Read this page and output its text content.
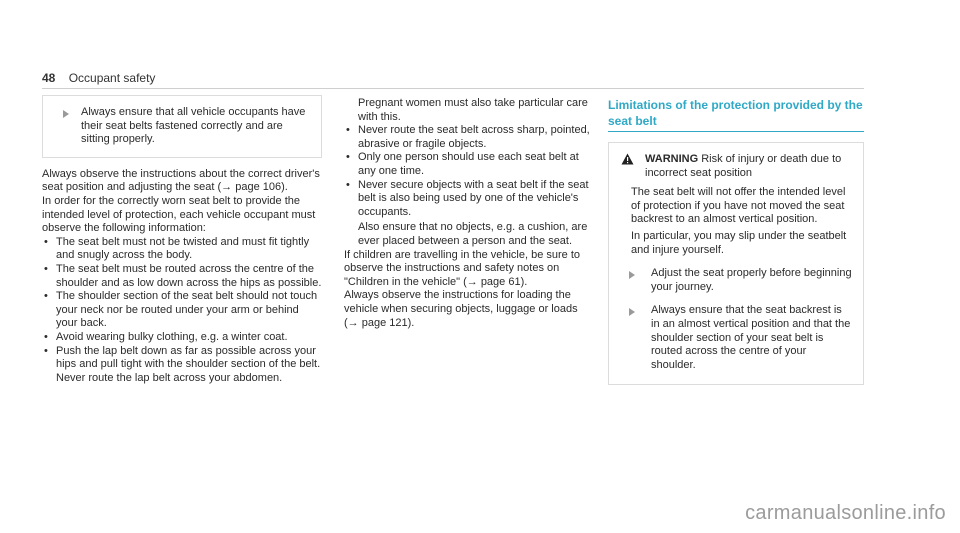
48 Occupant safety
Always ensure that all vehicle occupants have their seat belts fastened correctly and are sitting properly.

Always observe the instructions about the correct driver's seat position and adjusting the seat (→ page 106).

In order for the correctly worn seat belt to provide the intended level of protection, each vehicle occupant must observe the following information:

• The seat belt must not be twisted and must fit tightly and snugly across the body.
• The seat belt must be routed across the centre of the shoulder and as low down across the hips as possible.
• The shoulder section of the seat belt should not touch your neck nor be routed under your arm or behind your back.
• Avoid wearing bulky clothing, e.g. a winter coat.
• Push the lap belt down as far as possible across your hips and pull tight with the shoulder section of the belt. Never route the lap belt across your abdomen.

Pregnant women must also take particular care with this.

• Never route the seat belt across sharp, pointed, abrasive or fragile objects.
• Only one person should use each seat belt at any one time.
• Never secure objects with a seat belt if the seat belt is also being used by one of the vehicle's occupants.
Also ensure that no objects, e.g. a cushion, are ever placed between a person and the seat.

If children are travelling in the vehicle, be sure to observe the instructions and safety notes on "Children in the vehicle" (→ page 61).

Always observe the instructions for loading the vehicle when securing objects, luggage or loads (→ page 121).

Limitations of the protection provided by the seat belt
WARNING Risk of injury or death due to incorrect seat position

The seat belt will not offer the intended level of protection if you have not moved the seat backrest to an almost vertical position.

In particular, you may slip under the seatbelt and injure yourself.

Adjust the seat properly before beginning your journey.
Always ensure that the seat backrest is in an almost vertical position and that the shoulder section of your seat belt is routed across the centre of your shoulder.
carmanualsonline.info
